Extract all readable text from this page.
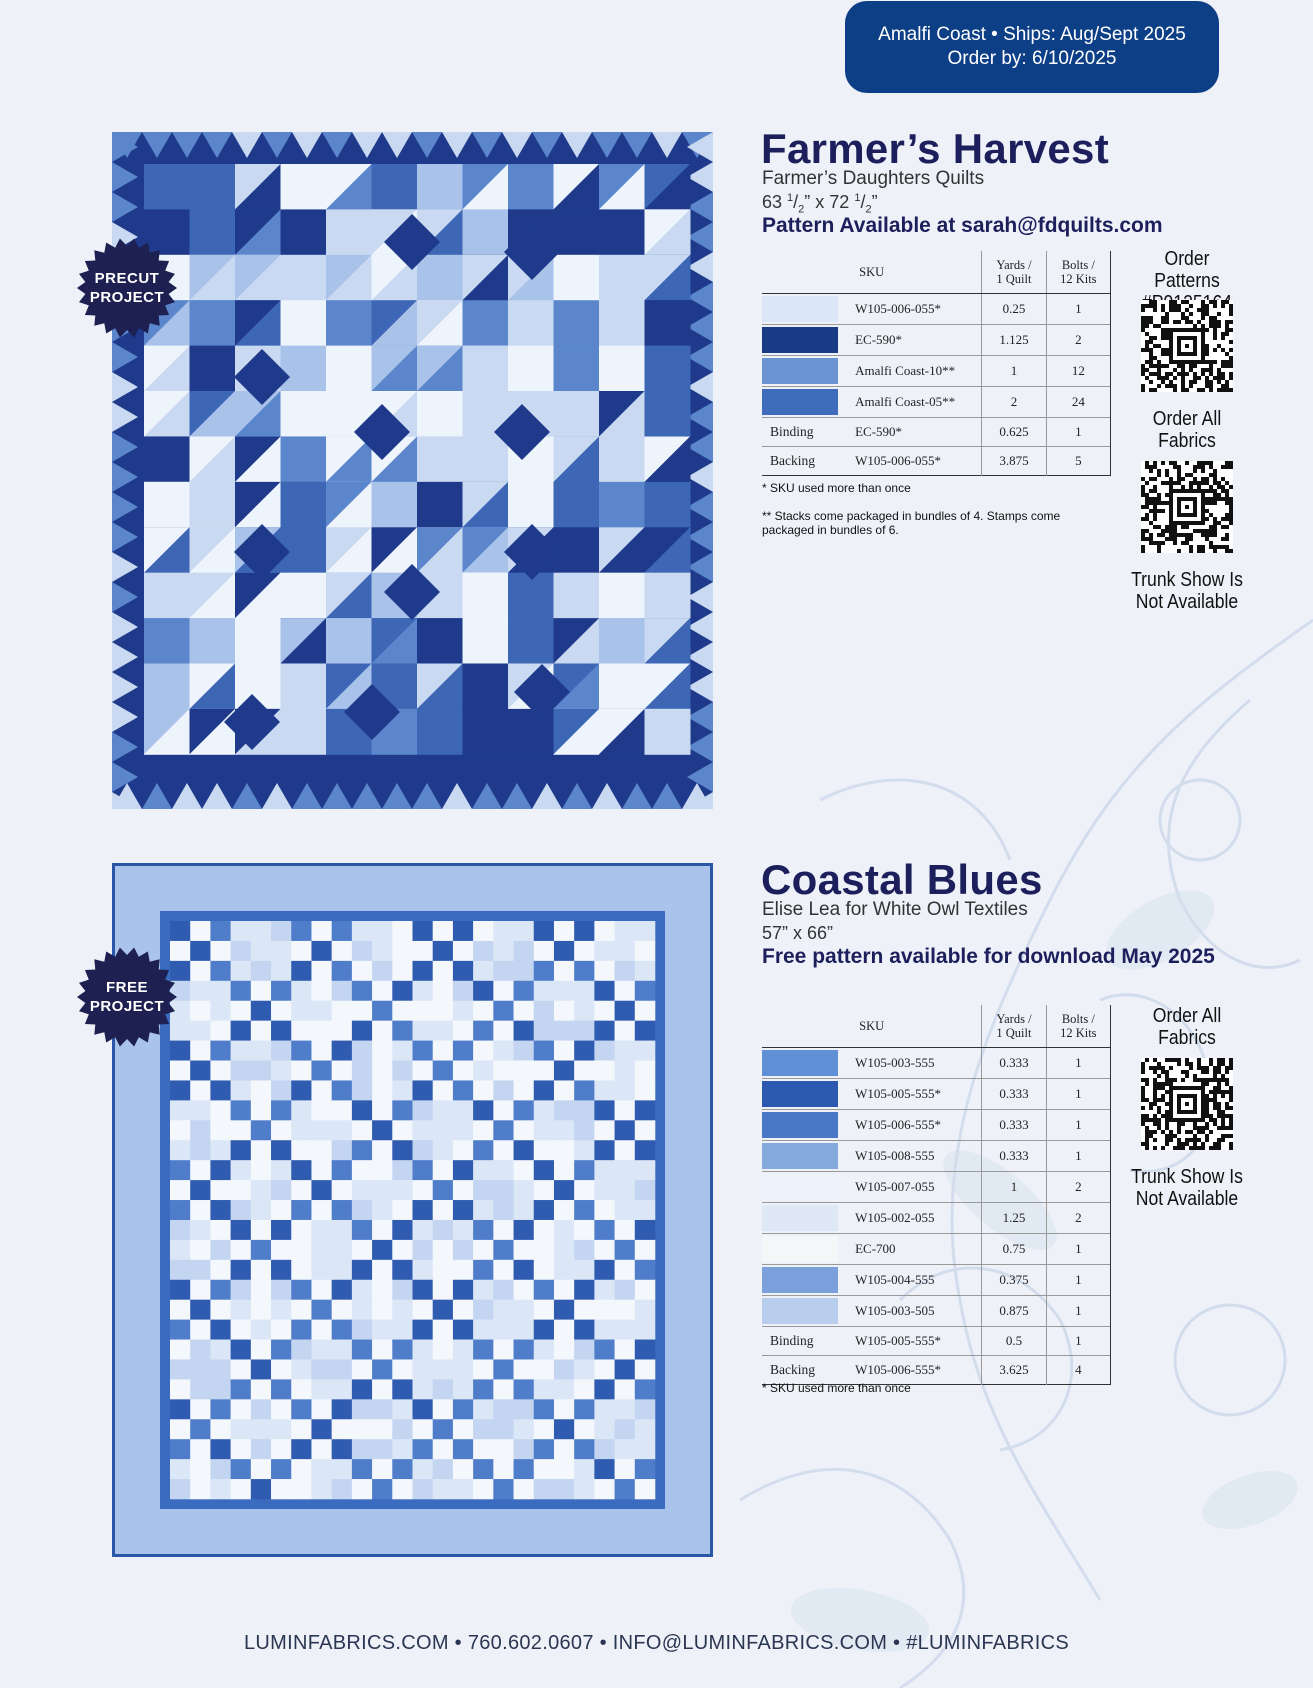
Amalfi Coast • Ships: Aug/Sept 2025
Order by: 6/10/2025
PRECUT
PROJECT
Farmer’s Harvest
Farmer’s Daughters Quilts
63 $^1/_2$” x 72 $^1/_2$”
Pattern Available at sarah@fdquilts.com
SKU		Yards /
1 Quilt	Bolts /
12 Kits

	W105-006-055*	0.25	1

	EC-590*	1.125	2

	Amalfi Coast-10**	1	12

	Amalfi Coast-05**	2	24
Binding	EC-590*	0.625	1
Backing	W105-006-055*	3.875	5
* SKU used more than once
** Stacks come packaged in bundles of 4. Stamps come packaged in bundles of 6.
Order Patterns
Order All Fabrics
Trunk Show Is Not Available
FREE
PROJECT
Coastal Blues
Elise Lea for White Owl Textiles
57” x 66”
Free pattern available for download May 2025
SKU		Yards /
1 Quilt	Bolts /
12 Kits

	W105-003-555	0.333	1

	W105-005-555*	0.333	1

	W105-006-555*	0.333	1

	W105-008-555	0.333	1

	W105-007-055	1	2

	W105-002-055	1.25	2

	EC-700	0.75	1

	W105-004-555	0.375	1

	W105-003-505	0.875	1
Binding	W105-005-555*	0.5	1
Backing	W105-006-555*	3.625	4
* SKU used more than once
Order All Fabrics
Trunk Show Is Not Available
LUMINFABRICS.COM • 760.602.0607 • INFO@LUMINFABRICS.COM • #LUMINFABRICS
